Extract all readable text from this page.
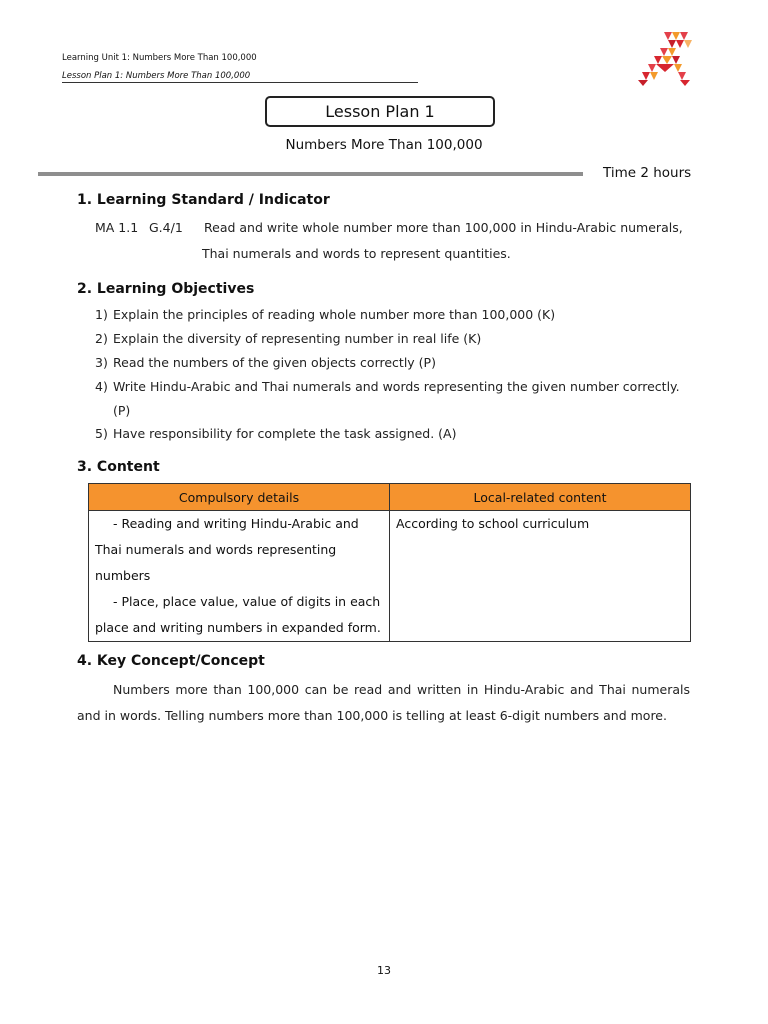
Learning Unit 1: Numbers More Than 100,000
Lesson Plan 1: Numbers More Than 100,000
Lesson Plan 1
Numbers More Than 100,000
Time 2 hours
1. Learning Standard / Indicator
MA 1.1 G.4/1 Read and write whole number more than 100,000 in Hindu-Arabic numerals,
Thai numerals and words to represent quantities.
2. Learning Objectives
1) Explain the principles of reading whole number more than 100,000 (K)
2) Explain the diversity of representing number in real life (K)
3) Read the numbers of the given objects correctly (P)
4) Write Hindu-Arabic and Thai numerals and words representing the given number correctly.
(P)
5) Have responsibility for complete the task assigned. (A)
3. Content
Compulsory details	Local-related content

- Reading and writing Hindu-Arabic and
Thai numerals and words representing
numbers
- Place, place value, value of digits in each
place and writing numbers in expanded form.	According to school curriculum
4. Key Concept/Concept
Numbers more than 100,000 can be read and written in Hindu-Arabic and Thai numerals and in words. Telling numbers more than 100,000 is telling at least 6-digit numbers and more.
13
